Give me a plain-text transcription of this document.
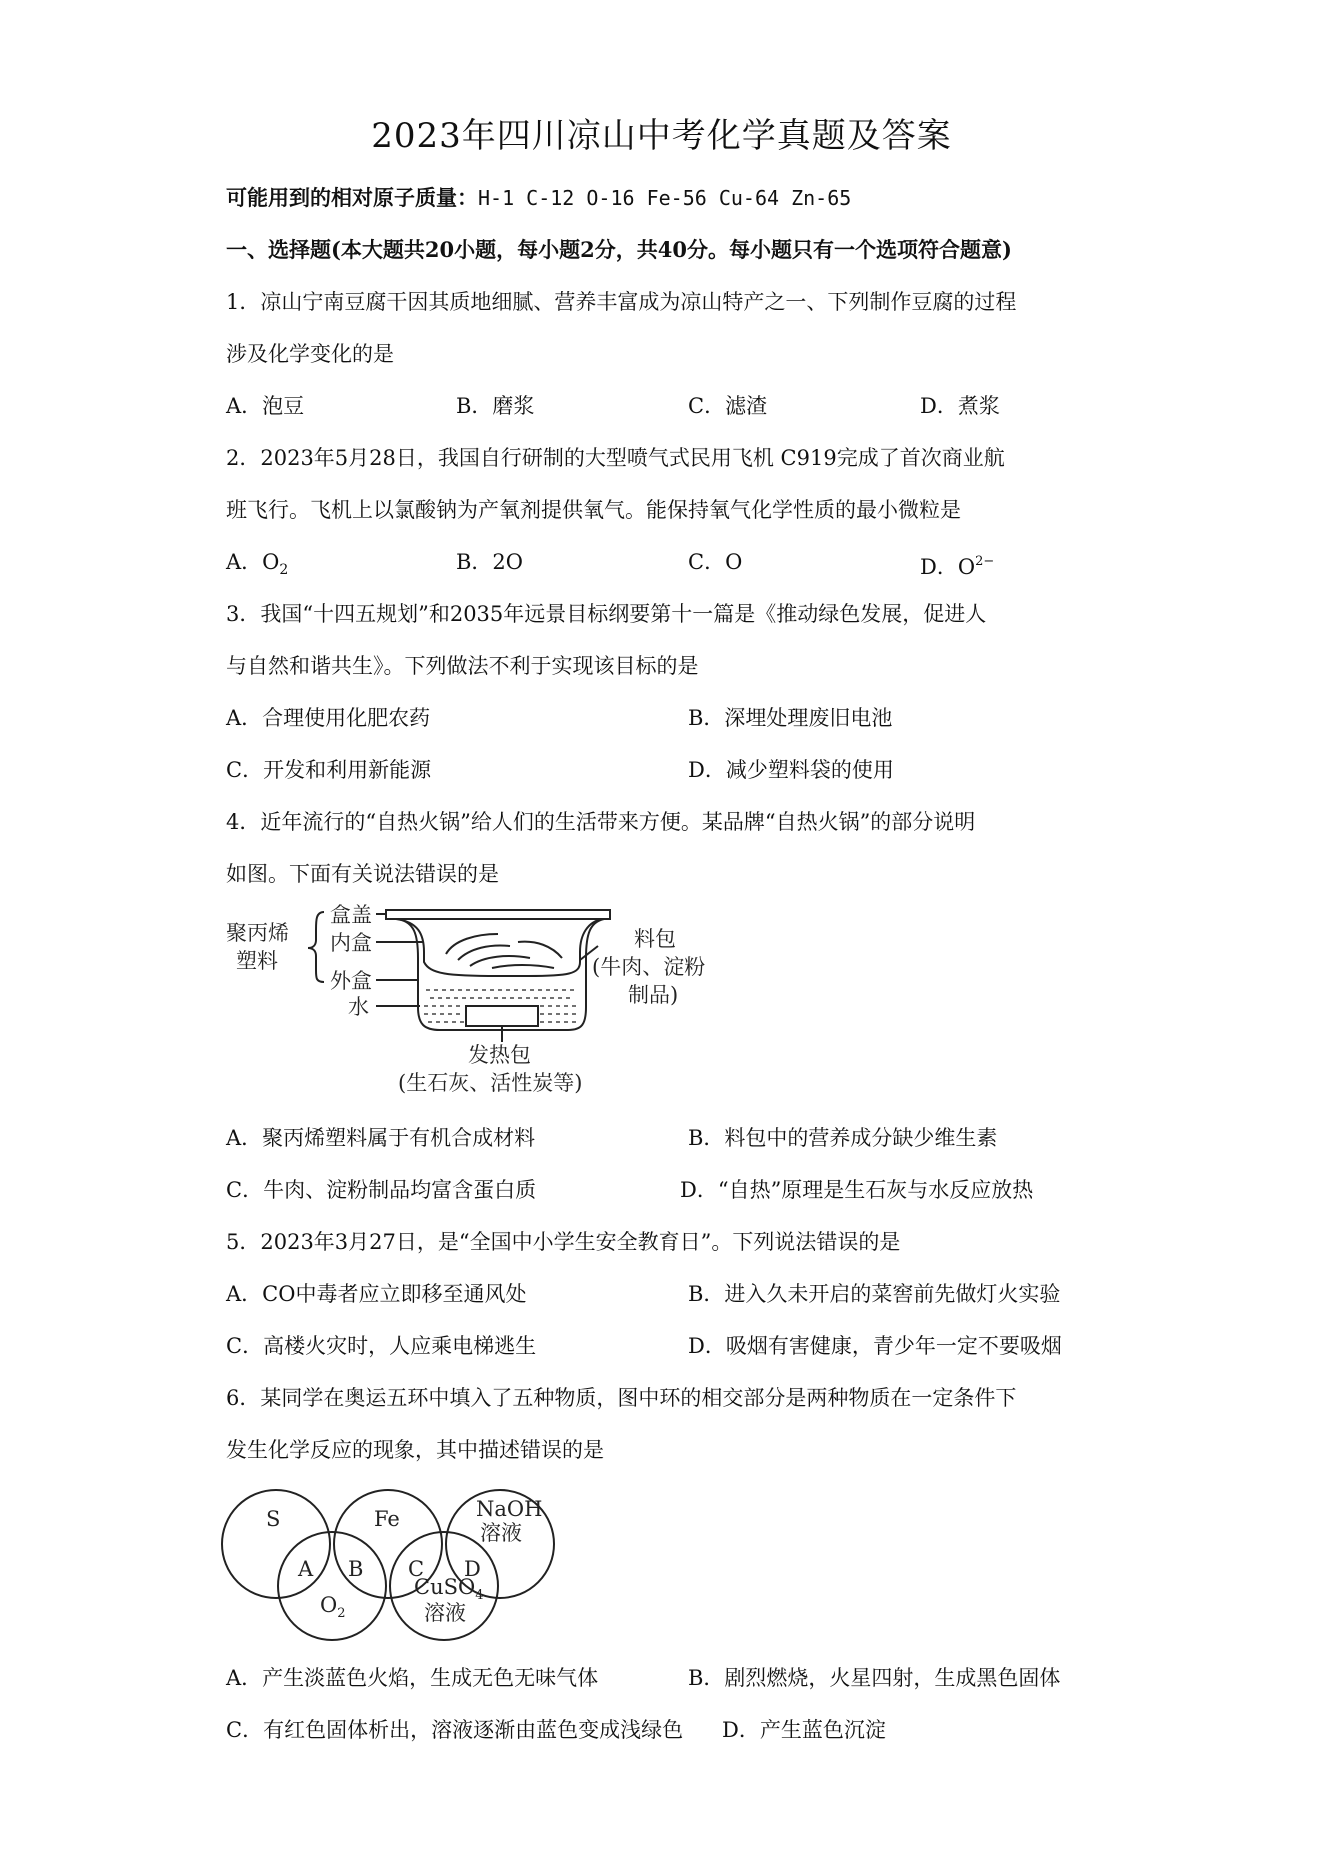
2023年四川凉山中考化学真题及答案
可能用到的相对原子质量：H-1 C-12 O-16 Fe-56 Cu-64 Zn-65
一、选择题(本大题共20小题，每小题2分，共40分。每小题只有一个选项符合题意)
1．凉山宁南豆腐干因其质地细腻、营养丰富成为凉山特产之一、下列制作豆腐的过程
涉及化学变化的是
A．泡豆	B．磨浆	C．滤渣	D．煮浆
2．2023年5月28日，我国自行研制的大型喷气式民用飞机 C919完成了首次商业航
班飞行。飞机上以氯酸钠为产氧剂提供氧气。能保持氧气化学性质的最小微粒是
A．$O_2$	B．2O	C．O	D．$O^{2-}$
3．我国“十四五规划”和2035年远景目标纲要第十一篇是《推动绿色发展，促进人
与自然和谐共生》。下列做法不利于实现该目标的是
A．合理使用化肥农药	B．深埋处理废旧电池
C．开发和利用新能源	D．减少塑料袋的使用
4．近年流行的“自热火锅”给人们的生活带来方便。某品牌“自热火锅”的部分说明
如图。下面有关说法错误的是
聚丙烯
塑料
盒盖
内盒
外盒
水
料包
(牛肉、淀粉
制品)
发热包
(生石灰、活性炭等)
A．聚丙烯塑料属于有机合成材料	B．料包中的营养成分缺少维生素
C．牛肉、淀粉制品均富含蛋白质	D．“自热”原理是生石灰与水反应放热
5．2023年3月27日，是“全国中小学生安全教育日”。下列说法错误的是
A．CO中毒者应立即移至通风处	B．进入久未开启的菜窖前先做灯火实验
C．高楼火灾时，人应乘电梯逃生	D．吸烟有害健康，青少年一定不要吸烟
6．某同学在奥运五环中填入了五种物质，图中环的相交部分是两种物质在一定条件下
发生化学反应的现象，其中描述错误的是
S	Fe	NaOH
溶液
$O_2$
CuSO$_4$
溶液
A B C D
A．产生淡蓝色火焰，生成无色无味气体	B．剧烈燃烧，火星四射，生成黑色固体
C．有红色固体析出，溶液逐渐由蓝色变成浅绿色 D．产生蓝色沉淀
